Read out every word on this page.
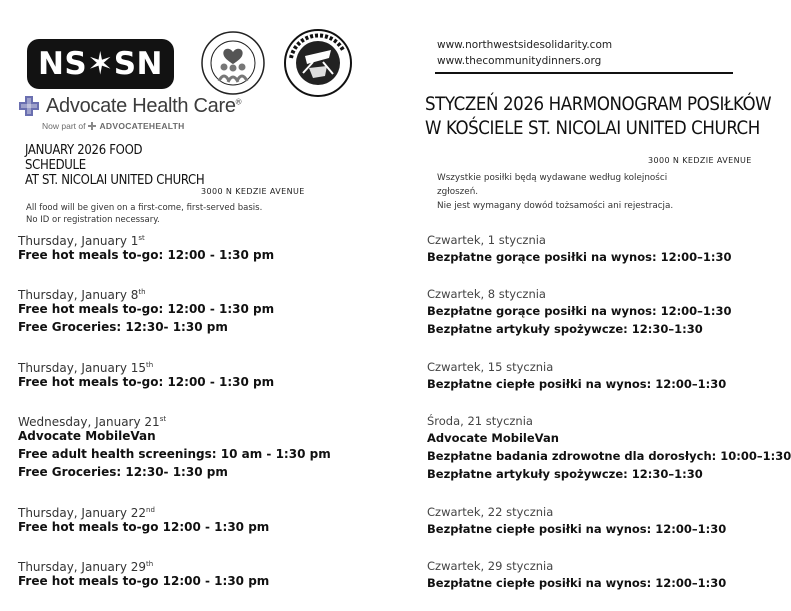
NS✶SN
Advocate Health Care®
Now part of ADVOCATEHEALTH
JANUARY 2026 FOOD
SCHEDULE
AT ST. NICOLAI UNITED CHURCH
3000 N KEDZIE AVENUE
All food will be given on a first-come, first-served basis.
No ID or registration necessary.
Thursday, January 1st
Free hot meals to-go: 12:00 - 1:30 pm
Thursday, January 8th
Free hot meals to-go: 12:00 - 1:30 pm
Free Groceries: 12:30- 1:30 pm
Thursday, January 15th
Free hot meals to-go: 12:00 - 1:30 pm
Wednesday, January 21st
Advocate MobileVan
Free adult health screenings: 10 am - 1:30 pm
Free Groceries: 12:30- 1:30 pm
Thursday, January 22nd
Free hot meals to-go 12:00 - 1:30 pm
Thursday, January 29th
Free hot meals to-go 12:00 - 1:30 pm
www.northwestsidesolidarity.com
www.thecommunitydinners.org
STYCZEŃ 2026 HARMONOGRAM POSIŁKÓW
W KOŚCIELE ST. NICOLAI UNITED CHURCH
3000 N KEDZIE AVENUE
Wszystkie posiłki będą wydawane według kolejności
zgłoszeń.
Nie jest wymagany dowód tożsamości ani rejestracja.
Czwartek, 1 stycznia
Bezpłatne gorące posiłki na wynos: 12:00–1:30
Czwartek, 8 stycznia
Bezpłatne gorące posiłki na wynos: 12:00–1:30
Bezpłatne artykuły spożywcze: 12:30–1:30
Czwartek, 15 stycznia
Bezpłatne ciepłe posiłki na wynos: 12:00–1:30
Środa, 21 stycznia
Advocate MobileVan
Bezpłatne badania zdrowotne dla dorosłych: 10:00–1:30
Bezpłatne artykuły spożywcze: 12:30–1:30
Czwartek, 22 stycznia
Bezpłatne ciepłe posiłki na wynos: 12:00–1:30
Czwartek, 29 stycznia
Bezpłatne ciepłe posiłki na wynos: 12:00–1:30
